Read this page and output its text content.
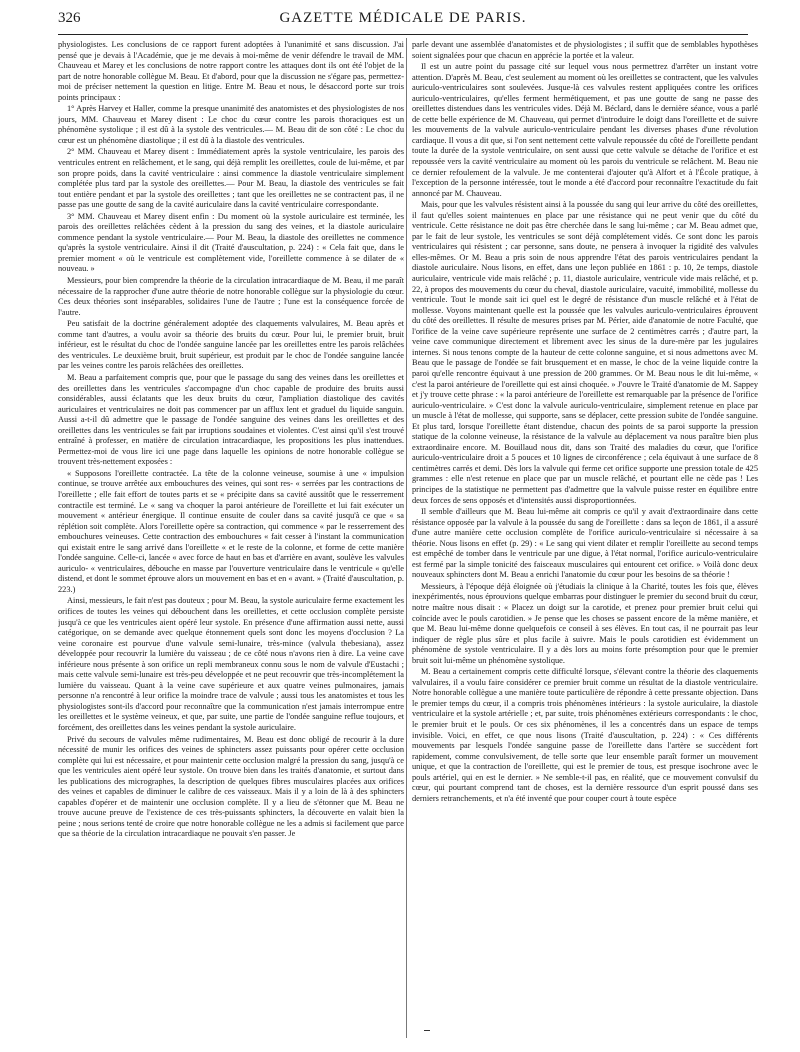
326	GAZETTE MÉDICALE DE PARIS.

physiologistes. Les conclusions de ce rapport furent adoptées à l'unanimité et sans discussion. J'ai pensé que je devais à l'Académie, que je me devais à moi-même de venir défendre le travail de MM. Chauveau et Marey et les conclusions de notre rapport contre les attaques dont ils ont été l'objet de la part de notre honorable collègue M. Beau. Et d'abord, pour que la discussion ne s'égare pas, permettez-moi de préciser nettement la question en litige. Entre M. Beau et nous, le désaccord porte sur trois points principaux :

1° Après Harvey et Haller, comme la presque unanimité des anatomistes et des physiologistes de nos jours, MM. Chauveau et Marey disent : Le choc du cœur contre les parois thoraciques est un phénomène systolique ; il est dû à la systole des ventricules.— M. Beau dit de son côté : Le choc du cœur est un phénomène diastolique ; il est dû à la diastole des ventricules.

2° MM. Chauveau et Marey disent : Immédiatement après la systole ventriculaire, les parois des ventricules entrent en relâchement, et le sang, qui déjà remplit les oreillettes, coule de lui-même, et par son propre poids, dans la cavité ventriculaire : ainsi commence la diastole ventriculaire simplement complétée plus tard par la systole des oreillettes.— Pour M. Beau, la diastole des ventricules se fait tout entière pendant et par la systole des oreillettes ; tant que les oreillettes ne se contractent pas, il ne passe pas une goutte de sang de la cavité auriculaire dans la cavité ventriculaire correspondante.

3° MM. Chauveau et Marey disent enfin : Du moment où la systole auriculaire est terminée, les parois des oreillettes relâchées cèdent à la pression du sang des veines, et la diastole auriculaire commence pendant la systole ventriculaire.— Pour M. Beau, la diastole des oreillettes ne commence qu'après la systole ventriculaire. Ainsi il dit (Traité d'auscultation, p. 224) : « Cela fait que, dans le premier moment « où le ventricule est complètement vide, l'oreillette commence à se dilater de « nouveau. »

Messieurs, pour bien comprendre la théorie de la circulation intracardiaque de M. Beau, il me paraît nécessaire de la rapprocher d'une autre théorie de notre honorable collègue sur la physiologie du cœur. Ces deux théories sont inséparables, solidaires l'une de l'autre ; l'une est la conséquence forcée de l'autre.

Peu satisfait de la doctrine généralement adoptée des claquements valvulaires, M. Beau après et comme tant d'autres, a voulu avoir sa théorie des bruits du cœur. Pour lui, le premier bruit, bruit inférieur, est le résultat du choc de l'ondée sanguine lancée par les oreillettes entre les parois relâchées des ventricules. Le deuxième bruit, bruit supérieur, est produit par le choc de l'ondée sanguine lancée par les veines contre les parois relâchées des oreillettes.

M. Beau a parfaitement compris que, pour que le passage du sang des veines dans les oreillettes et des oreillettes dans les ventricules s'accompagne d'un choc capable de produire des bruits aussi considérables, aussi éclatants que les deux bruits du cœur, l'ampliation diastolique des cavités auriculaires et ventriculaires ne doit pas commencer par un afflux lent et graduel du liquide sanguin. Aussi a-t-il dû admettre que le passage de l'ondée sanguine des veines dans les oreillettes et des oreillettes dans les ventricules se fait par irruptions soudaines et violentes. C'est ainsi qu'il s'est trouvé entraîné à professer, en matière de circulation intracardiaque, les propositions les plus inattendues. Permettez-moi de vous lire ici une page dans laquelle les opinions de notre honorable collègue se trouvent très-nettement exposées :

« Supposons l'oreillette contractée. La tête de la colonne veineuse, soumise à une « impulsion continue, se trouve arrêtée aux embouchures des veines, qui sont res- « serrées par les contractions de l'oreillette ; elle fait effort de toutes parts et se « précipite dans sa cavité aussitôt que le resserrement contractile est terminé. Le « sang va choquer la paroi antérieure de l'oreillette et lui fait exécuter un mouvement « antérieur énergique. Il continue ensuite de couler dans sa cavité jusqu'à ce que « sa réplétion soit complète. Alors l'oreillette opère sa contraction, qui commence « par le resserrement des embouchures veineuses. Cette contraction des embouchures « fait cesser à l'instant la communication qui existait entre le sang arrivé dans l'oreillette « et le reste de la colonne, et forme de cette manière l'ondée sanguine. Celle-ci, lancée « avec force de haut en bas et d'arrière en avant, soulève les valvules auriculo- « ventriculaires, débouche en masse par l'ouverture ventriculaire dans le ventricule « qu'elle distend, et dont le sommet éprouve alors un mouvement en bas et en « avant. » (Traité d'auscultation, p. 223.)

Ainsi, messieurs, le fait n'est pas douteux ; pour M. Beau, la systole auriculaire ferme exactement les orifices de toutes les veines qui débouchent dans les oreillettes, et cette occlusion complète persiste jusqu'à ce que les ventricules aient opéré leur systole. En présence d'une affirmation aussi nette, aussi catégorique, on se demande avec quelque étonnement quels sont donc les moyens d'occlusion ? La veine coronaire est pourvue d'une valvule semi-lunaire, très-mince (valvula thebesiana), assez développée pour recouvrir la lumière du vaisseau ; de ce côté nous n'avons rien à dire. La veine cave inférieure nous présente à son orifice un repli membraneux connu sous le nom de valvule d'Eustachi ; mais cette valvule semi-lunaire est très-peu développée et ne peut recouvrir que très-incomplétement la lumière du vaisseau. Quant à la veine cave supérieure et aux quatre veines pulmonaires, jamais personne n'a rencontré à leur orifice la moindre trace de valvule ; aussi tous les anatomistes et tous les physiologistes sont-ils d'accord pour reconnaître que la communication n'est jamais interrompue entre les oreillettes et le système veineux, et que, par suite, une partie de l'ondée sanguine reflue toujours, et forcément, des oreillettes dans les veines pendant la systole auriculaire.

Privé du secours de valvules même rudimentaires, M. Beau est donc obligé de recourir à la dure nécessité de munir les orifices des veines de sphincters assez puissants pour opérer cette occlusion complète qui lui est nécessaire, et pour maintenir cette occlusion malgré la pression du sang, jusqu'à ce que les ventricules aient opéré leur systole. On trouve bien dans les traités d'anatomie, et surtout dans les publications des micrographes, la description de quelques fibres musculaires placées aux orifices des veines et capables de diminuer le calibre de ces vaisseaux. Mais il y a loin de là à des sphincters capables d'opérer et de maintenir une occlusion complète. Il y a lieu de s'étonner que M. Beau ne trouve aucune preuve de l'existence de ces très-puissants sphincters, la découverte en valait bien la peine ; nous serions tenté de croire que notre honorable collègue ne les a admis si facilement que parce que sa théorie de la circulation intracardiaque ne pouvait s'en passer. Je

parle devant une assemblée d'anatomistes et de physiologistes ; il suffit que de semblables hypothèses soient signalées pour que chacun en apprécie la portée et la valeur.

Il est un autre point du passage cité sur lequel vous nous permettrez d'arrêter un instant votre attention. D'après M. Beau, c'est seulement au moment où les oreillettes se contractent, que les valvules auriculo-ventriculaires sont soulevées. Jusque-là ces valvules restent appliquées contre les orifices auriculo-ventriculaires, qu'elles ferment hermétiquement, et pas une goutte de sang ne passe des oreillettes distendues dans les ventricules vides. Déjà M. Béclard, dans le dernière séance, vous a parlé de cette belle expérience de M. Chauveau, qui permet d'introduire le doigt dans l'oreillette et de suivre les mouvements de la valvule auriculo-ventriculaire pendant les diverses phases d'une révolution cardiaque. Il vous a dit que, si l'on sent nettement cette valvule repoussée du côté de l'oreillette pendant toute la durée de la systole ventriculaire, on sent aussi que cette valvule se détache de l'orifice et est repoussée vers la cavité ventriculaire au moment où les parois du ventricule se relâchent. M. Beau nie ce dernier refoulement de la valvule. Je me contenterai d'ajouter qu'à Alfort et à l'École pratique, à l'exception de la personne intéressée, tout le monde a été d'accord pour reconnaître l'exactitude du fait annoncé par M. Chauveau.

Mais, pour que les valvules résistent ainsi à la poussée du sang qui leur arrive du côté des oreillettes, il faut qu'elles soient maintenues en place par une résistance qui ne peut venir que du côté du ventricule. Cette résistance ne doit pas être cherchée dans le sang lui-même ; car M. Beau admet que, par le fait de leur systole, les ventricules se sont déjà complétement vidés. Ce sont donc les parois ventriculaires qui résistent ; car personne, sans doute, ne pensera à invoquer la rigidité des valvules elles-mêmes. Or M. Beau a pris soin de nous apprendre l'état des parois ventriculaires pendant la diastole auriculaire. Nous lisons, en effet, dans une leçon publiée en 1861 : p. 10, 2e temps, diastole auriculaire, ventricule vide mais relâché ; p. 11, diastole auriculaire, ventricule vide mais relâché, et p. 22, à propos des mouvements du cœur du cheval, diastole auriculaire, vacuité, immobilité, mollesse du ventricule. Tout le monde sait ici quel est le degré de résistance d'un muscle relâché et à l'état de mollesse. Voyons maintenant quelle est la poussée que les valvules auriculo-ventriculaires éprouvent du côté des oreillettes. Il résulte de mesures prises par M. Périer, aide d'anatomie de notre Faculté, que l'orifice de la veine cave supérieure représente une surface de 2 centimètres carrés ; d'autre part, la veine cave communique directement et librement avec les sinus de la dure-mère par les jugulaires internes. Si nous tenons compte de la hauteur de cette colonne sanguine, et si nous admettons avec M. Beau que le passage de l'ondée se fait brusquement et en masse, le choc de la veine liquide contre la paroi qu'elle rencontre équivaut à une pression de 200 grammes. Or M. Beau nous le dit lui-même, « c'est la paroi antérieure de l'oreillette qui est ainsi choquée. » J'ouvre le Traité d'anatomie de M. Sappey et j'y trouve cette phrase : « la paroi antérieure de l'oreillette est remarquable par la présence de l'orifice auriculo-ventriculaire. » C'est donc la valvule auriculo-ventriculaire, simplement retenue en place par un muscle à l'état de mollesse, qui supporte, sans se déplacer, cette pression subite de l'ondée sanguine. Et plus tard, lorsque l'oreillette étant distendue, chacun des points de sa paroi supporte la pression statique de la colonne veineuse, la résistance de la valvule au déplacement va nous paraître bien plus extraordinaire encore. M. Bouillaud nous dit, dans son Traité des maladies du cœur, que l'orifice auriculo-ventriculaire droit a 5 pouces et 10 lignes de circonférence ; cela équivaut à une surface de 8 centimètres carrés et demi. Dès lors la valvule qui ferme cet orifice supporte une pression totale de 425 grammes : elle n'est retenue en place que par un muscle relâché, et pourtant elle ne cède pas ! Les principes de la statistique ne permettent pas d'admettre que la valvule puisse rester en équilibre entre deux forces de sens opposés et d'intensités aussi disproportionnées.

Il semble d'ailleurs que M. Beau lui-même ait compris ce qu'il y avait d'extraordinaire dans cette résistance opposée par la valvule à la poussée du sang de l'oreillette : dans sa leçon de 1861, il a assuré d'une autre manière cette occlusion complète de l'orifice auriculo-ventriculaire si nécessaire à sa théorie. Nous lisons en effet (p. 29) : « Le sang qui vient dilater et remplir l'oreillette au second temps est empêché de tomber dans le ventricule par une digue, à l'état normal, l'orifice auriculo-ventriculaire est fermé par la simple tonicité des faisceaux musculaires qui entourent cet orifice. » Voilà donc deux nouveaux sphincters dont M. Beau a enrichi l'anatomie du cœur pour les besoins de sa théorie !

Messieurs, à l'époque déjà éloignée où j'étudiais la clinique à la Charité, toutes les fois que, élèves inexpérimentés, nous éprouvions quelque embarras pour distinguer le premier du second bruit du cœur, notre maître nous disait : « Placez un doigt sur la carotide, et prenez pour premier bruit celui qui coïncide avec le pouls carotidien. » Je pense que les choses se passent encore de la même manière, et que M. Beau lui-même donne quelquefois ce conseil à ses élèves. En tout cas, il ne pourrait pas leur indiquer de règle plus sûre et plus facile à suivre. Mais le pouls carotidien est évidemment un phénomène de systole ventriculaire. Il y a dès lors au moins forte présomption pour que le premier bruit soit lui-même un phénomène systolique.

M. Beau a certainement compris cette difficulté lorsque, s'élevant contre la théorie des claquements valvulaires, il a voulu faire considérer ce premier bruit comme un résultat de la diastole ventriculaire. Notre honorable collègue a une manière toute particulière de répondre à cette pressante objection. Dans le premier temps du cœur, il a compris trois phénomènes intérieurs : la systole auriculaire, la diastole ventriculaire et la systole artérielle ; et, par suite, trois phénomènes extérieurs correspondants : le choc, le premier bruit et le pouls. Or ces six phénomènes, il les a concentrés dans un espace de temps invisible. Voici, en effet, ce que nous lisons (Traité d'auscultation, p. 224) : « Ces différents mouvements par lesquels l'ondée sanguine passe de l'oreillette dans l'artère se succèdent fort rapidement, comme convulsivement, de telle sorte que leur ensemble paraît former un mouvement unique, et que la contraction de l'oreillette, qui est le premier de tous, est presque isochrone avec le pouls artériel, qui en est le dernier. » Ne semble-t-il pas, en réalité, que ce mouvement convulsif du cœur, qui pourtant comprend tant de choses, est la dernière ressource d'un esprit poussé dans ses derniers retranchements, et n'a été inventé que pour couper court à toute espèce
